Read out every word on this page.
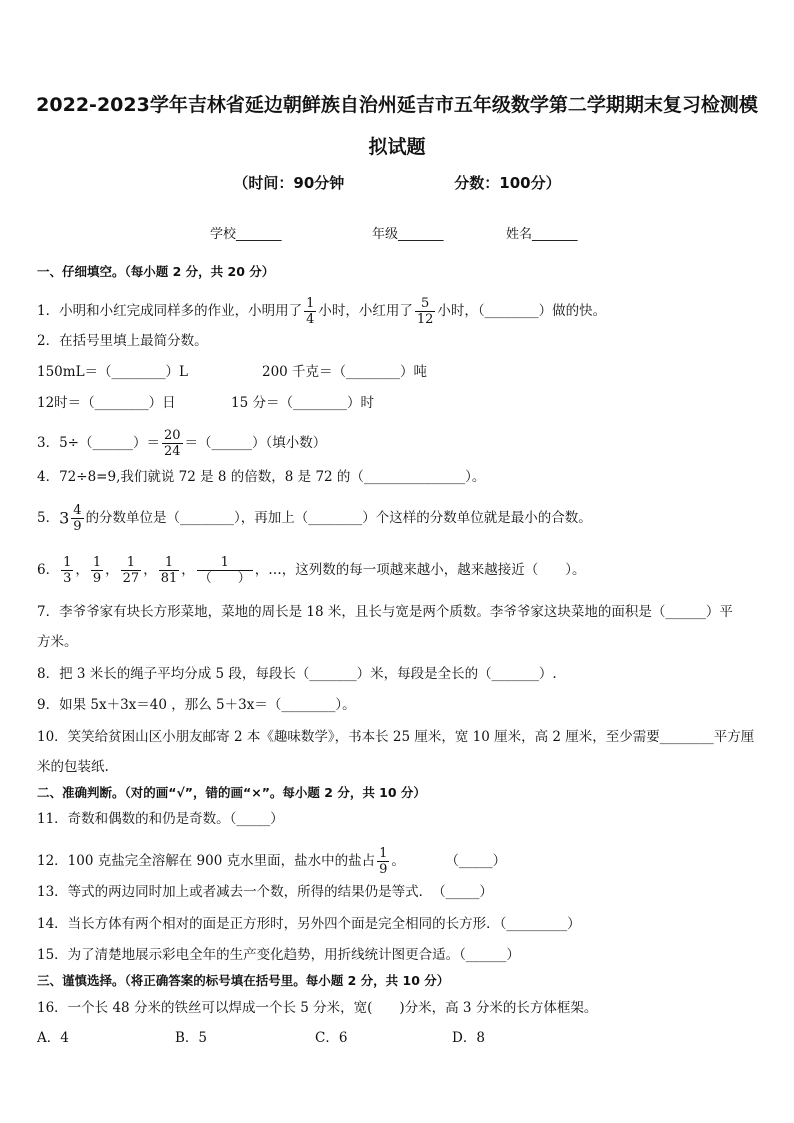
2022-2023学年吉林省延边朝鲜族自治州延吉市五年级数学第二学期期末复习检测模拟试题
（时间：90分钟	分数：100分）
学校_______	年级_______	姓名_______
一、仔细填空。（每小题 2 分，共 20 分）
1．小明和小红完成同样多的作业，小明用了 $\frac{1}{4}$ 小时，小红用了 $\frac{5}{12}$ 小时，（________）做的快。
2．在括号里填上最简分数。
150mL＝（________）L	200 千克＝（________）吨
12时＝（________）日	15 分＝（________）时
3．5÷（______）＝ $\frac{20}{24}$ ＝（______）（填小数）
4．72÷8=9,我们就说 72 是 8 的倍数，8 是 72 的（_______________）。
5．$3 \frac{4}{9}$ 的分数单位是（________），再加上（________）个这样的分数单位就是最小的合数。
6． $\frac{1}{3}$ ， $\frac{1}{9}$ ， $\frac{1}{27}$ ， $\frac{1}{81}$ ， $\frac{1}{( )}$ ，…，这列数的每一项越来越小，越来越接近（　　）。
7．李爷爷家有块长方形菜地，菜地的周长是 18 米，且长与宽是两个质数。李爷爷家这块菜地的面积是（______）平
方米。
8．把 3 米长的绳子平均分成 5 段，每段长（_______）米，每段是全长的（_______）.
9．如果 5x＋3x＝40 ，那么 5＋3x＝（________）。
10．笑笑给贫困山区小朋友邮寄 2 本《趣味数学》，书本长 25 厘米，宽 10 厘米，高 2 厘米，至少需要________平方厘
米的包装纸.
二、准确判断。（对的画“√”，错的画“×”。每小题 2 分，共 10 分）
11．奇数和偶数的和仍是奇数。（_____）
12．100 克盐完全溶解在 900 克水里面，盐水中的盐占 $\frac{1}{9}$ 。　　　　（_____）
13．等式的两边同时加上或者减去一个数，所得的结果仍是等式．　（_____）
14．当长方体有两个相对的面是正方形时，另外四个面是完全相同的长方形．（_________）
15．为了清楚地展示彩电全年的生产变化趋势，用折线统计图更合适。（______）
三、谨慎选择。（将正确答案的标号填在括号里。每小题 2 分，共 10 分）
16．一个长 48 分米的铁丝可以焊成一个长 5 分米，宽(　　)分米，高 3 分米的长方体框架。
A．4	B．5	C．6	D．8
